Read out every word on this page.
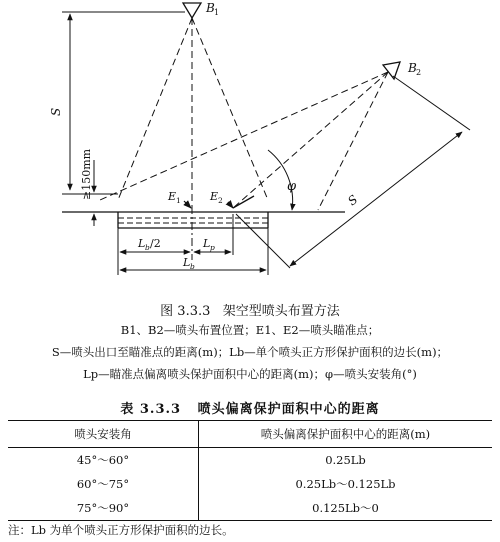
B 1
B 2
E 1	E 2
S
≥150mm	φ
S
L b /2	L p
L b
图 3.3.3 架空型喷头布置方法
B1、B2—喷头布置位置；E1、E2—喷头瞄准点；
S—喷头出口至瞄准点的距离(m)；Lb—单个喷头正方形保护面积的边长(m)；
Lp—瞄准点偏离喷头保护面积中心的距离(m)；φ—喷头安装角(°)
表 3.3.3 喷头偏离保护面积中心的距离
喷头安装角	喷头偏离保护面积中心的距离(m)
45°～60°	0.25Lb
60°～75°	0.25Lb～0.125Lb
75°～90°	0.125Lb～0
注：Lb 为单个喷头正方形保护面积的边长。
